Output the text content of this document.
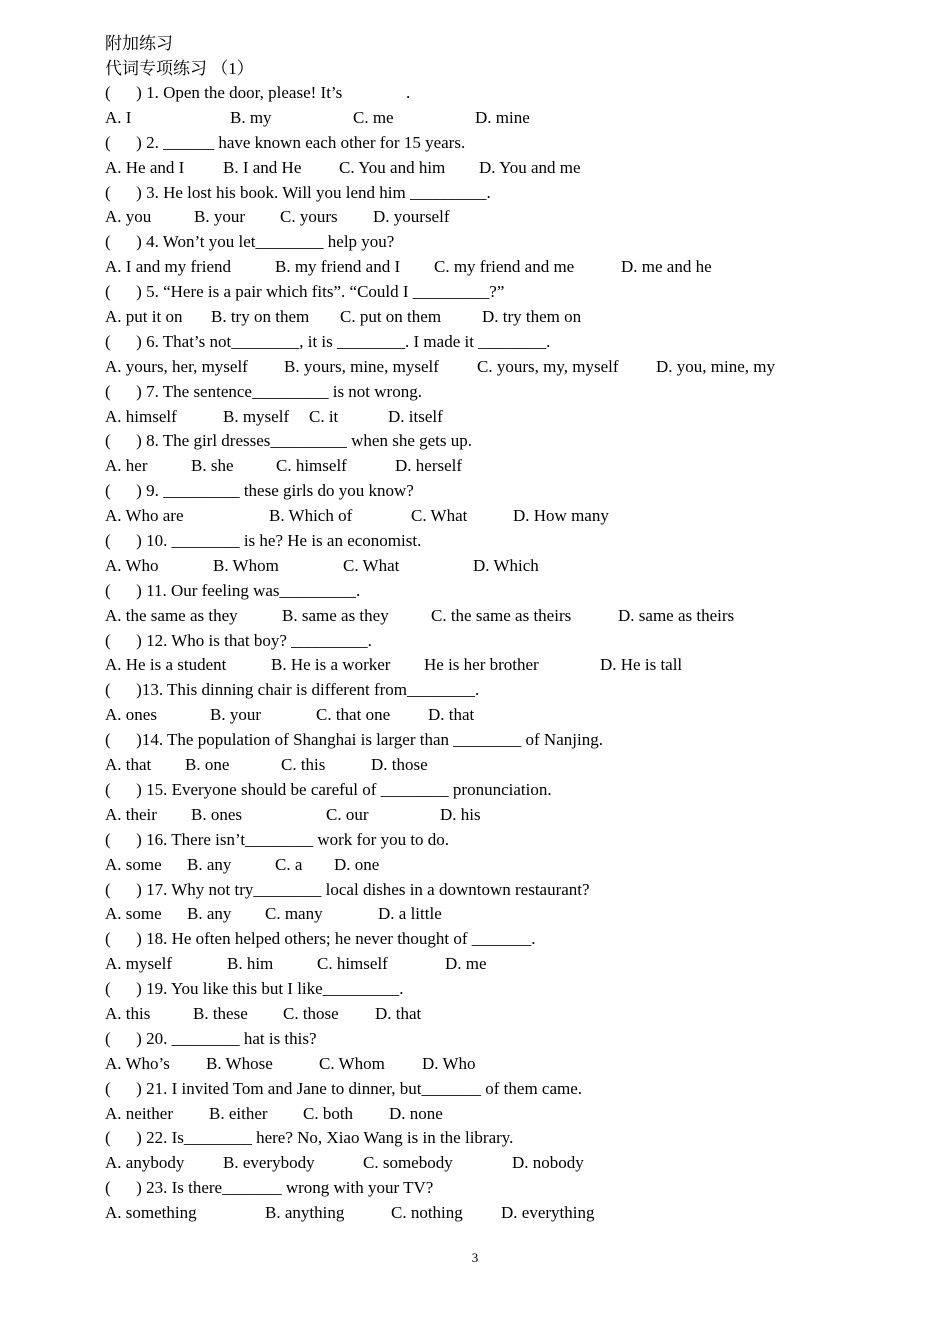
附加练习
代词专项练习 （1）
(      ) 1. Open the door, please! It’s               .
A. I	B. my	C. me	D. mine
(      ) 2. ______ have known each other for 15 years.
A. He and I B. I and He C. You and him D. You and me
(      ) 3. He lost his book. Will you lend him _________.
A. you	B. your C. yours D. yourself
(      ) 4. Won’t you let________ help you?
A. I and my friend	B. my friend and I C. my friend and me	D. me and he
(      ) 5. “Here is a pair which fits”. “Could I _________?”
A. put it on B. try on them C. put on them D. try them on
(      ) 6. That’s not________, it is ________. I made it ________.
A. yours, her, myself B. yours, mine, myself C. yours, my, myself D. you, mine, my
(      ) 7. The sentence_________ is not wrong.
A. himself	B. myself C. it	D. itself
(      ) 8. The girl dresses_________ when she gets up.
A. her	B. she	C. himself	D. herself
(      ) 9. _________ these girls do you know?
A. Who are	B. Which of	C. What	D. How many
(      ) 10. ________ is he? He is an economist.
A. Who	B. Whom	C. What	D. Which
(      ) 11. Our feeling was_________.
A. the same as they	B. same as they C. the same as theirs	D. same as theirs
(      ) 12. Who is that boy? _________.
A. He is a student	B. He is a worker He is her brother	D. He is tall
(      )13. This dinning chair is different from________.
A. ones	B. your	C. that one D. that
(      )14. The population of Shanghai is larger than ________ of Nanjing.
A. that B. one	C. this	D. those
(      ) 15. Everyone should be careful of ________ pronunciation.
A. their B. ones	C. our	D. his
(      ) 16. There isn’t________ work for you to do.
A. some B. any	C. a D. one
(      ) 17. Why not try________ local dishes in a downtown restaurant?
A. some B. any C. many	D. a little
(      ) 18. He often helped others; he never thought of _______.
A. myself	B. him	C. himself	D. me
(      ) 19. You like this but I like_________.
A. this	B. these C. those D. that
(      ) 20. ________ hat is this?
A. Who’s B. Whose	C. Whom D. Who
(      ) 21. I invited Tom and Jane to dinner, but_______ of them came.
A. neither B. either C. both D. none
(      ) 22. Is________ here? No, Xiao Wang is in the library.
A. anybody B. everybody	C. somebody	D. nobody
(      ) 23. Is there_______ wrong with your TV?
A. something	B. anything	C. nothing D. everything
3
